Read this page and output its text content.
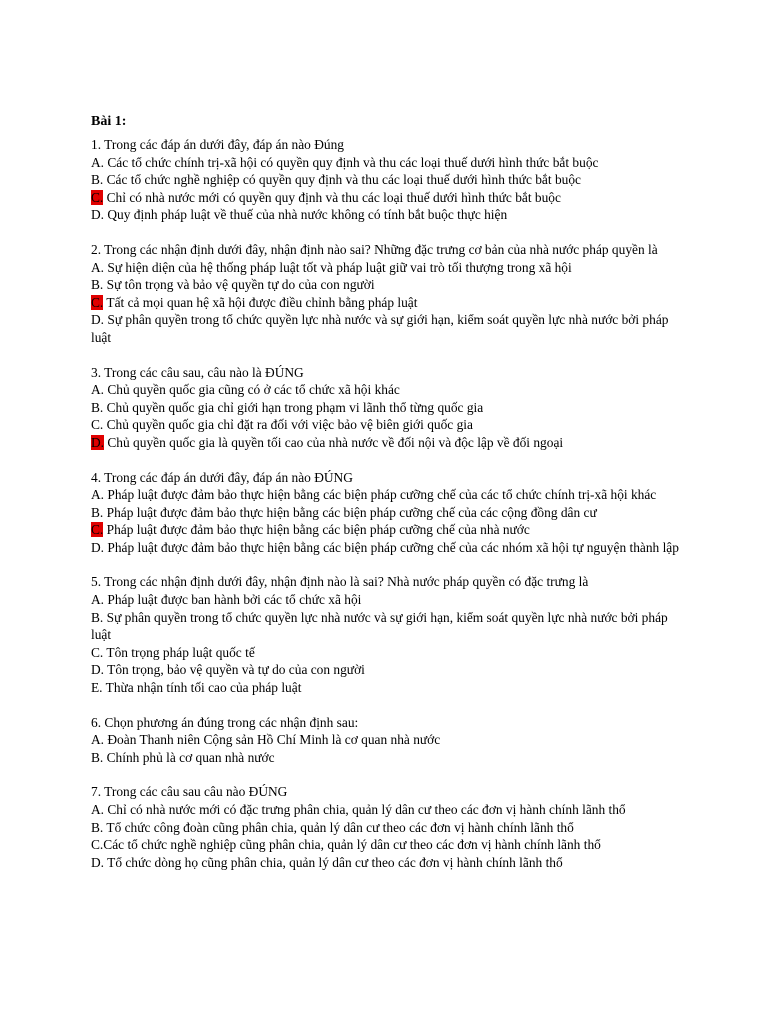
Bài 1:

1. Trong các đáp án dưới đây, đáp án nào Đúng

A. Các tổ chức chính trị-xã hội có quyền quy định và thu các loại thuế dưới hình thức bắt buộc

B. Các tổ chức nghề nghiệp có quyền quy định và thu các loại thuế dưới hình thức bắt buộc

C. Chỉ có nhà nước mới có quyền quy định và thu các loại thuế dưới hình thức bắt buộc

D. Quy định pháp luật về thuế của nhà nước không có tính bắt buộc thực hiện

2. Trong các nhận định dưới đây, nhận định nào sai? Những đặc trưng cơ bản của nhà nước pháp quyền là

A. Sự hiện diện của hệ thống pháp luật tốt và pháp luật giữ vai trò tối thượng trong xã hội

B. Sự tôn trọng và bảo vệ quyền tự do của con người

C. Tất cả mọi quan hệ xã hội được điều chỉnh bằng pháp luật

D. Sự phân quyền trong tổ chức quyền lực nhà nước và sự giới hạn, kiểm soát quyền lực nhà nước bởi pháp luật

3. Trong các câu sau, câu nào là ĐÚNG

A. Chủ quyền quốc gia cũng có ở các tổ chức xã hội khác

B. Chủ quyền quốc gia chỉ giới hạn trong phạm vi lãnh thổ từng quốc gia

C. Chủ quyền quốc gia chỉ đặt ra đối với việc bảo vệ biên giới quốc gia

D. Chủ quyền quốc gia là quyền tối cao của nhà nước về đối nội và độc lập về đối ngoại

4. Trong các đáp án dưới đây, đáp án nào ĐÚNG

A. Pháp luật được đảm bảo thực hiện bằng các biện pháp cưỡng chế của các tổ chức chính trị-xã hội khác

B. Pháp luật được đảm bảo thực hiện bằng các biện pháp cưỡng chế của các cộng đồng dân cư

C. Pháp luật được đảm bảo thực hiện bằng các biện pháp cưỡng chế của nhà nước

D. Pháp luật được đảm bảo thực hiện bằng các biện pháp cưỡng chế của các nhóm xã hội tự nguyện thành lập

5. Trong các nhận định dưới đây, nhận định nào là sai? Nhà nước pháp quyền có đặc trưng là

A. Pháp luật được ban hành bởi các tổ chức xã hội

B. Sự phân quyền trong tổ chức quyền lực nhà nước và sự giới hạn, kiểm soát quyền lực nhà nước bởi pháp luật

C. Tôn trọng pháp luật quốc tế

D. Tôn trọng, bảo vệ quyền và tự do của con người

E. Thừa nhận tính tối cao của pháp luật

6. Chọn phương án đúng trong các nhận định sau:

A. Đoàn Thanh niên Cộng sản Hồ Chí Minh là cơ quan nhà nước

B. Chính phủ là cơ quan nhà nước

7. Trong các câu sau câu nào ĐÚNG

A. Chỉ có nhà nước mới có đặc trưng phân chia, quản lý dân cư theo các đơn vị hành chính lãnh thổ

B. Tổ chức công đoàn cũng phân chia, quản lý dân cư theo các đơn vị hành chính lãnh thổ

C.Các tổ chức nghề nghiệp cũng phân chia, quản lý dân cư theo các đơn vị hành chính lãnh thổ

D. Tổ chức dòng họ cũng phân chia, quản lý dân cư theo các đơn vị hành chính lãnh thổ
